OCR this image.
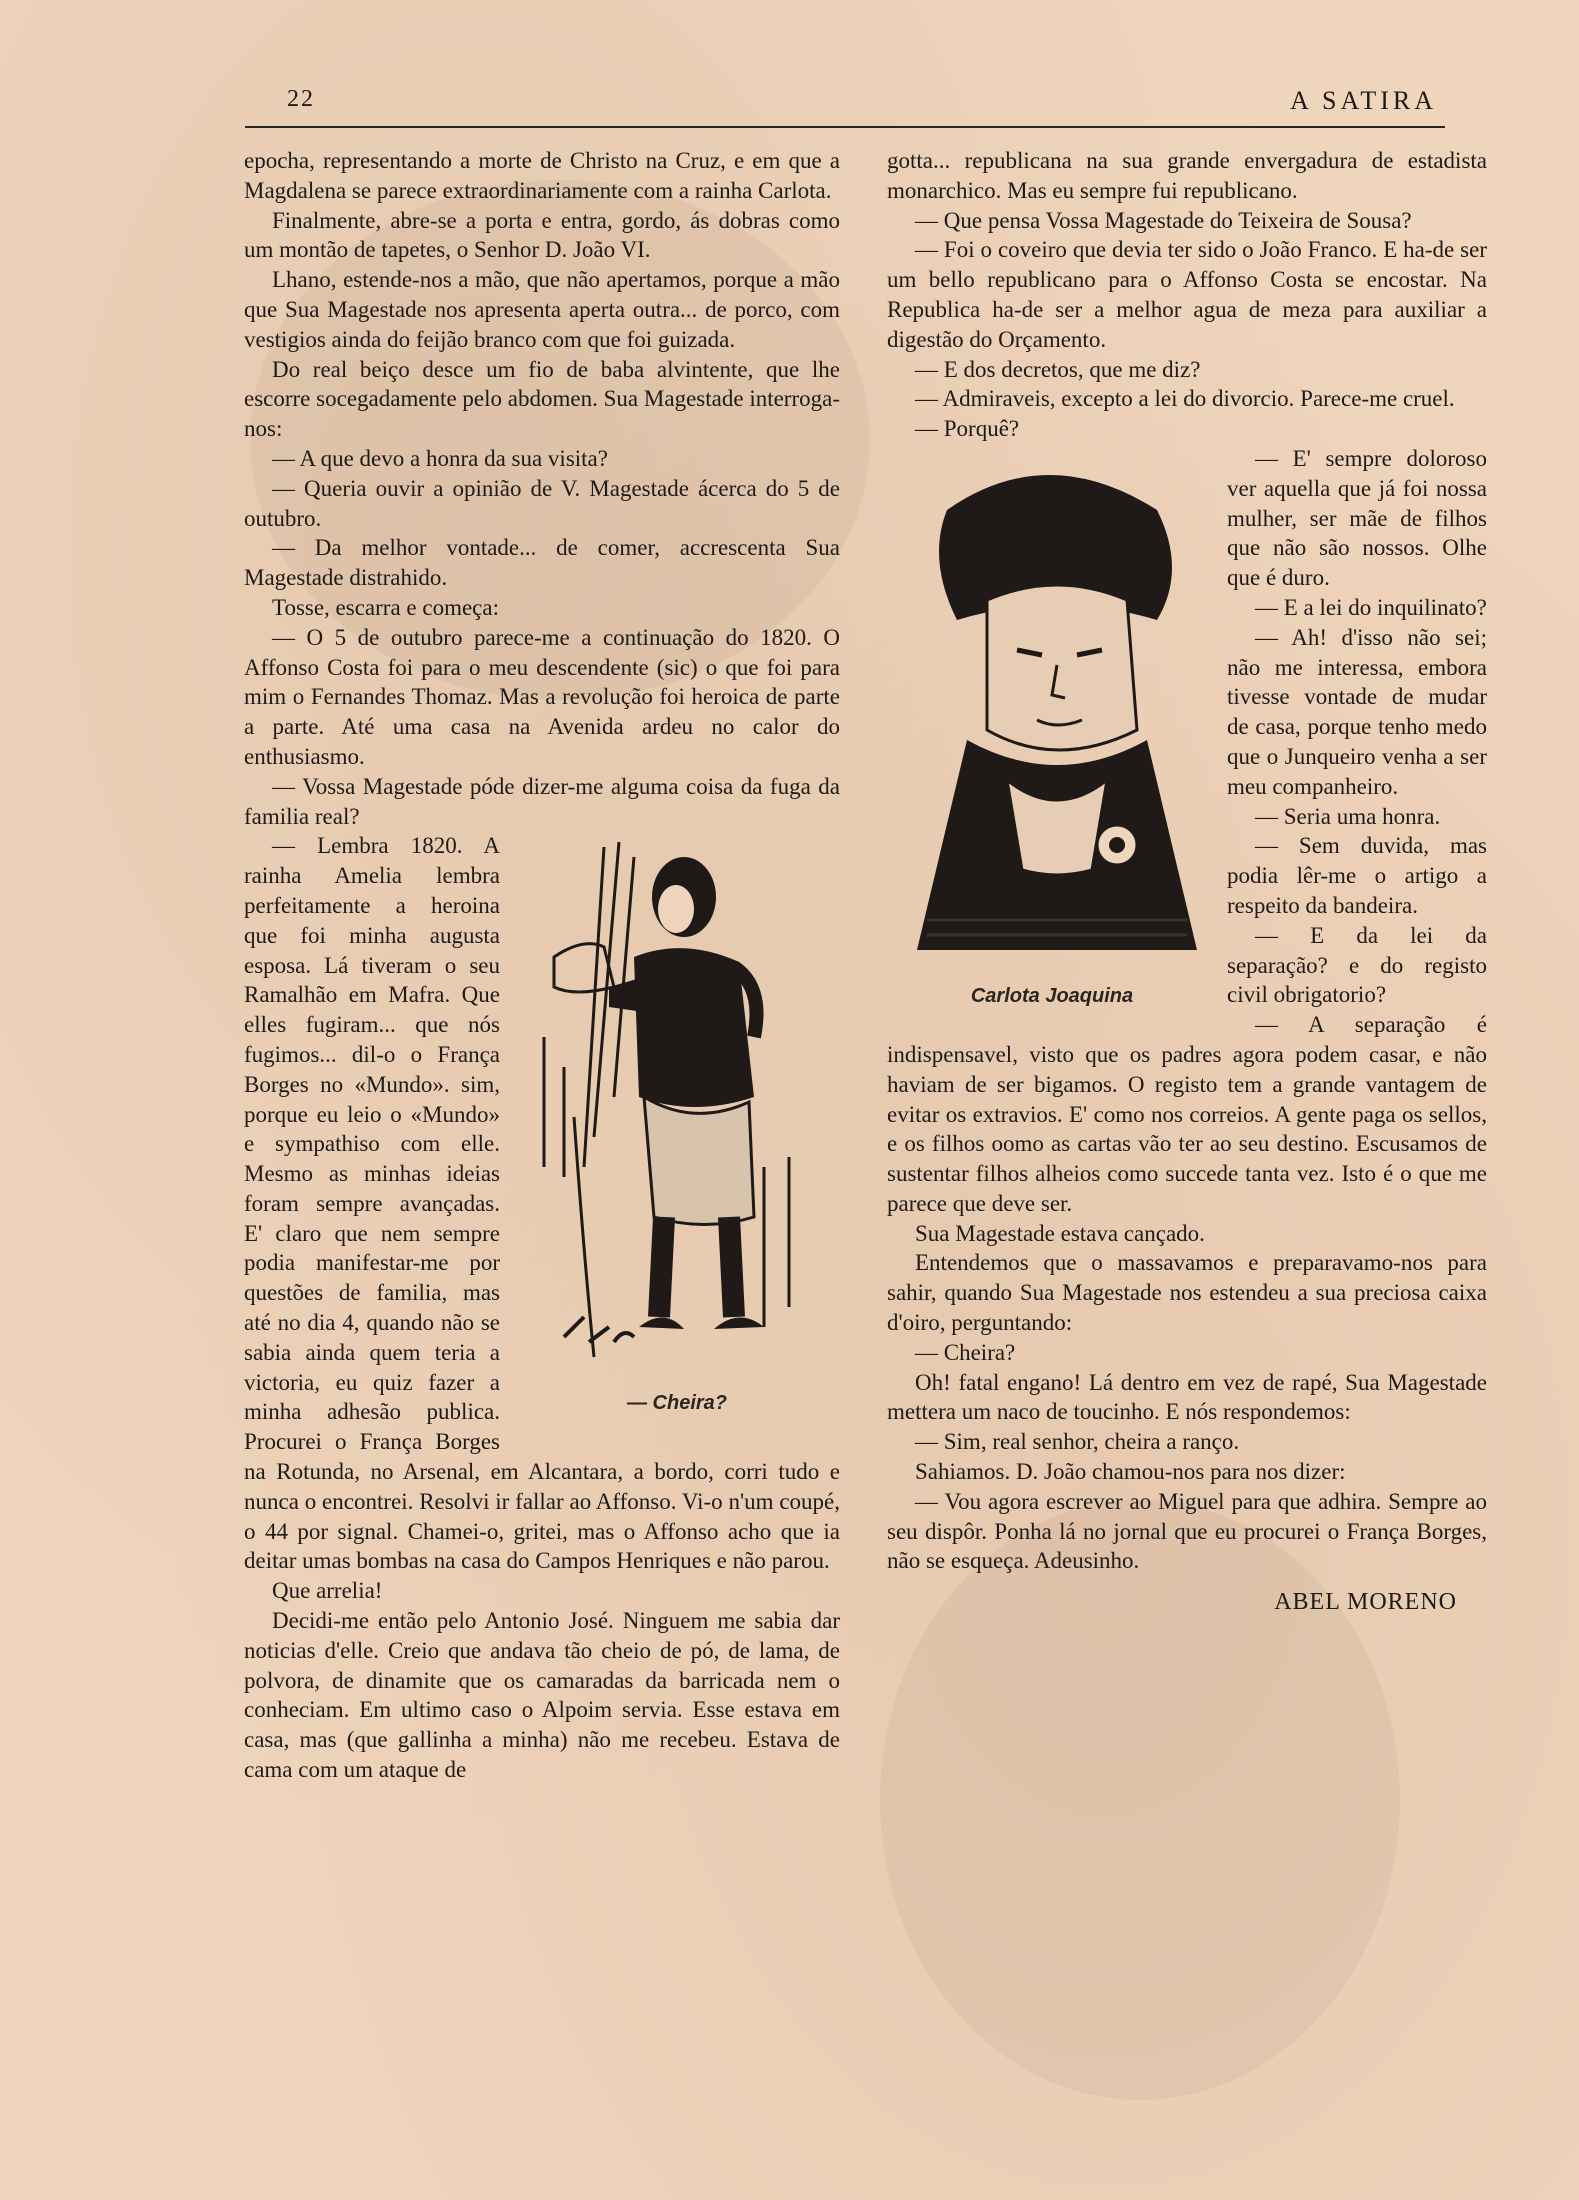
22	A SATIRA

epocha, representando a morte de Christo na Cruz, e em que a Magdalena se parece extraordinariamente com a rainha Carlota.

Finalmente, abre-se a porta e entra, gordo, ás dobras como um montão de tapetes, o Senhor D. João VI.

Lhano, estende-nos a mão, que não apertamos, porque a mão que Sua Magestade nos apresenta aperta outra... de porco, com vestigios ainda do feijão branco com que foi guizada.

Do real beiço desce um fio de baba alvintente, que lhe escorre socegadamente pelo abdomen. Sua Magestade interroga-nos:

— A que devo a honra da sua visita?

— Queria ouvir a opinião de V. Magestade ácerca do 5 de outubro.

— Da melhor vontade... de comer, accrescenta Sua Magestade distrahido.

Tosse, escarra e começa:

— O 5 de outubro parece-me a continuação do 1820. O Affonso Costa foi para o meu descendente (sic) o que foi para mim o Fernandes Thomaz. Mas a revolução foi heroica de parte a parte. Até uma casa na Avenida ardeu no calor do enthusiasmo.

— Vossa Magestade póde dizer-me alguma coisa da fuga da familia real?

— Cheira?

— Lembra 1820. A rainha Amelia lembra perfeitamente a heroina que foi minha augusta esposa. Lá tiveram o seu Ramalhão em Mafra. Que elles fugiram... que nós fugimos... dil-o o França Borges no «Mundo». sim, porque eu leio o «Mundo» e sympathiso com elle. Mesmo as minhas ideias foram sempre avançadas. E' claro que nem sempre podia manifestar-me por questões de familia, mas até no dia 4, quando não se sabia ainda quem teria a victoria, eu quiz fazer a minha adhesão publica. Procurei o França Borges na Rotunda, no Arsenal, em Alcantara, a bordo, corri tudo e nunca o encontrei. Resolvi ir fallar ao Affonso. Vi-o n'um coupé, o 44 por signal. Chamei-o, gritei, mas o Affonso acho que ia deitar umas bombas na casa do Campos Henriques e não parou.

Que arrelia!

Decidi-me então pelo Antonio José. Ninguem me sabia dar noticias d'elle. Creio que andava tão cheio de pó, de lama, de polvora, de dinamite que os camaradas da barricada nem o conheciam. Em ultimo caso o Alpoim servia. Esse estava em casa, mas (que gallinha a minha) não me recebeu. Estava de cama com um ataque de

gotta... republicana na sua grande envergadura de estadista monarchico. Mas eu sempre fui republicano.

— Que pensa Vossa Magestade do Teixeira de Sousa?

— Foi o coveiro que devia ter sido o João Franco. E ha-de ser um bello republicano para o Affonso Costa se encostar. Na Republica ha-de ser a melhor agua de meza para auxiliar a digestão do Orçamento.

— E dos decretos, que me diz?

— Admiraveis, excepto a lei do divorcio. Parece-me cruel.

— Porquê?

Carlota Joaquina

— E' sempre doloroso ver aquella que já foi nossa mulher, ser mãe de filhos que não são nossos. Olhe que é duro.

— E a lei do inquilinato?

— Ah! d'isso não sei; não me interessa, embora tivesse vontade de mudar de casa, porque tenho medo que o Junqueiro venha a ser meu companheiro.

— Seria uma honra.

— Sem duvida, mas podia lêr-me o artigo a respeito da bandeira.

— E da lei da separação? e do registo civil obrigatorio?

— A separação é indispensavel, visto que os padres agora podem casar, e não haviam de ser bigamos. O registo tem a grande vantagem de evitar os extravios. E' como nos correios. A gente paga os sellos, e os filhos oomo as cartas vão ter ao seu destino. Escusamos de sustentar filhos alheios como succede tanta vez. Isto é o que me parece que deve ser.

Sua Magestade estava cançado.

Entendemos que o massavamos e preparavamo-nos para sahir, quando Sua Magestade nos estendeu a sua preciosa caixa d'oiro, perguntando:

— Cheira?

Oh! fatal engano! Lá dentro em vez de rapé, Sua Magestade mettera um naco de toucinho. E nós respondemos:

— Sim, real senhor, cheira a ranço.

Sahiamos. D. João chamou-nos para nos dizer:

— Vou agora escrever ao Miguel para que adhira. Sempre ao seu dispôr. Ponha lá no jornal que eu procurei o França Borges, não se esqueça. Adeusinho.

ABEL MORENO
